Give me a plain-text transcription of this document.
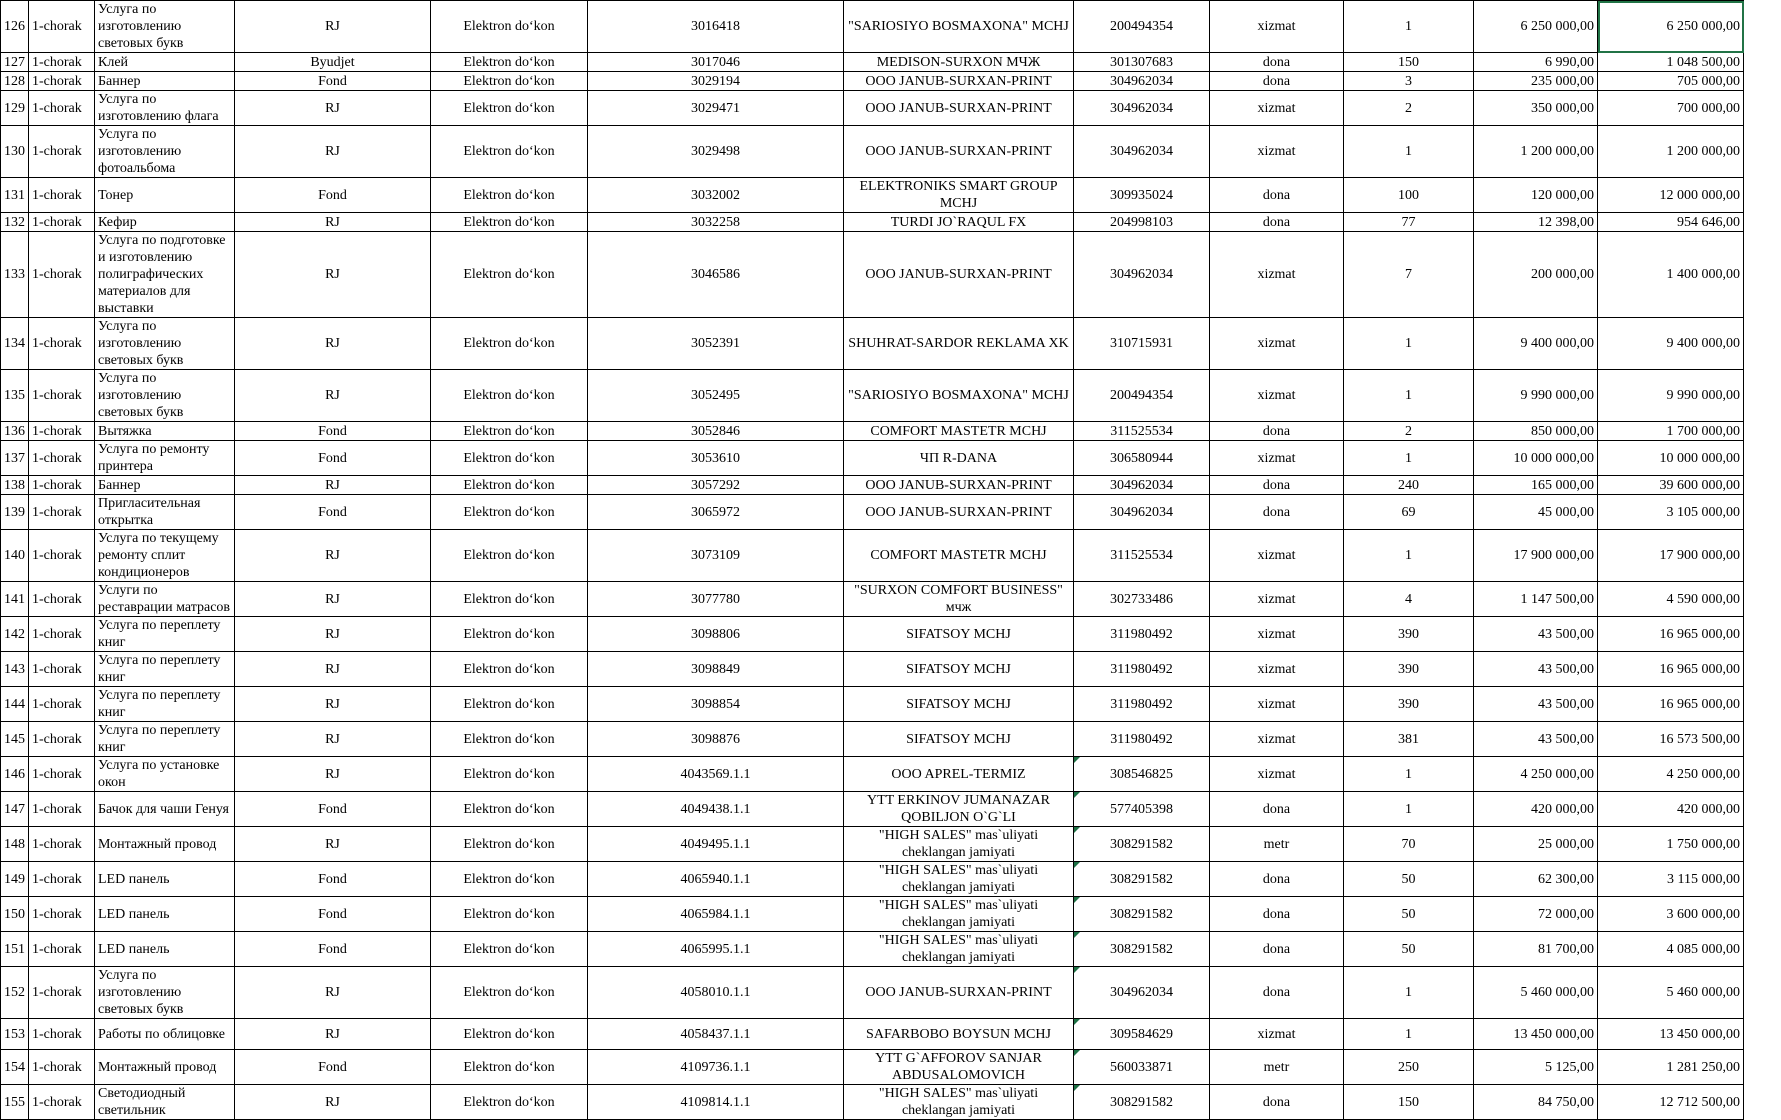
126	1-chorak	Услуга по изготовлению световых букв	RJ	Elektron do‘kon	3016418	"SARIOSIYO BOSMAXONA" MCHJ	200494354	xizmat	1	6 250 000,00	6 250 000,00
127	1-chorak	Клей	Byudjet	Elektron do‘kon	3017046	MEDISON-SURXON МЧЖ	301307683	dona	150	6 990,00	1 048 500,00
128	1-chorak	Баннер	Fond	Elektron do‘kon	3029194	ООО JANUB-SURXAN-PRINT	304962034	dona	3	235 000,00	705 000,00
129	1-chorak	Услуга по изготовлению флага	RJ	Elektron do‘kon	3029471	ООО JANUB-SURXAN-PRINT	304962034	xizmat	2	350 000,00	700 000,00
130	1-chorak	Услуга по изготовлению фотоальбома	RJ	Elektron do‘kon	3029498	ООО JANUB-SURXAN-PRINT	304962034	xizmat	1	1 200 000,00	1 200 000,00
131	1-chorak	Тонер	Fond	Elektron do‘kon	3032002	ELEKTRONIKS SMART GROUP MCHJ	309935024	dona	100	120 000,00	12 000 000,00
132	1-chorak	Кефир	RJ	Elektron do‘kon	3032258	TURDI JO`RAQUL FX	204998103	dona	77	12 398,00	954 646,00
133	1-chorak	Услуга по подготовке и изготовлению полиграфических материалов для выставки	RJ	Elektron do‘kon	3046586	ООО JANUB-SURXAN-PRINT	304962034	xizmat	7	200 000,00	1 400 000,00
134	1-chorak	Услуга по изготовлению световых букв	RJ	Elektron do‘kon	3052391	SHUHRAT-SARDOR REKLAMA XK	310715931	xizmat	1	9 400 000,00	9 400 000,00
135	1-chorak	Услуга по изготовлению световых букв	RJ	Elektron do‘kon	3052495	"SARIOSIYO BOSMAXONA" MCHJ	200494354	xizmat	1	9 990 000,00	9 990 000,00
136	1-chorak	Вытяжка	Fond	Elektron do‘kon	3052846	COMFORT MASTETR MCHJ	311525534	dona	2	850 000,00	1 700 000,00
137	1-chorak	Услуга по ремонту принтера	Fond	Elektron do‘kon	3053610	ЧП R-DANA	306580944	xizmat	1	10 000 000,00	10 000 000,00
138	1-chorak	Баннер	RJ	Elektron do‘kon	3057292	ООО JANUB-SURXAN-PRINT	304962034	dona	240	165 000,00	39 600 000,00
139	1-chorak	Пригласительная открытка	Fond	Elektron do‘kon	3065972	ООО JANUB-SURXAN-PRINT	304962034	dona	69	45 000,00	3 105 000,00
140	1-chorak	Услуга по текущему ремонту сплит кондиционеров	RJ	Elektron do‘kon	3073109	COMFORT MASTETR MCHJ	311525534	xizmat	1	17 900 000,00	17 900 000,00
141	1-chorak	Услуги по реставрации матрасов	RJ	Elektron do‘kon	3077780	"SURXON COMFORT BUSINESS" мчж	302733486	xizmat	4	1 147 500,00	4 590 000,00
142	1-chorak	Услуга по переплету книг	RJ	Elektron do‘kon	3098806	SIFATSOY MCHJ	311980492	xizmat	390	43 500,00	16 965 000,00
143	1-chorak	Услуга по переплету книг	RJ	Elektron do‘kon	3098849	SIFATSOY MCHJ	311980492	xizmat	390	43 500,00	16 965 000,00
144	1-chorak	Услуга по переплету книг	RJ	Elektron do‘kon	3098854	SIFATSOY MCHJ	311980492	xizmat	390	43 500,00	16 965 000,00
145	1-chorak	Услуга по переплету книг	RJ	Elektron do‘kon	3098876	SIFATSOY MCHJ	311980492	xizmat	381	43 500,00	16 573 500,00
146	1-chorak	Услуга по установке окон	RJ	Elektron do‘kon	4043569.1.1	OOO APREL-TERMIZ	308546825	xizmat	1	4 250 000,00	4 250 000,00
147	1-chorak	Бачок для чаши Генуя	Fond	Elektron do‘kon	4049438.1.1	YTT ERKINOV JUMANAZAR QOBILJON O`G`LI	577405398	dona	1	420 000,00	420 000,00
148	1-chorak	Монтажный провод	RJ	Elektron do‘kon	4049495.1.1	"HIGH SALES" mas`uliyati cheklangan jamiyati	308291582	metr	70	25 000,00	1 750 000,00
149	1-chorak	LED панель	Fond	Elektron do‘kon	4065940.1.1	"HIGH SALES" mas`uliyati cheklangan jamiyati	308291582	dona	50	62 300,00	3 115 000,00
150	1-chorak	LED панель	Fond	Elektron do‘kon	4065984.1.1	"HIGH SALES" mas`uliyati cheklangan jamiyati	308291582	dona	50	72 000,00	3 600 000,00
151	1-chorak	LED панель	Fond	Elektron do‘kon	4065995.1.1	"HIGH SALES" mas`uliyati cheklangan jamiyati	308291582	dona	50	81 700,00	4 085 000,00
152	1-chorak	Услуга по изготовлению световых букв	RJ	Elektron do‘kon	4058010.1.1	ООО JANUB-SURXAN-PRINT	304962034	dona	1	5 460 000,00	5 460 000,00
153	1-chorak	Работы по облицовке	RJ	Elektron do‘kon	4058437.1.1	SAFARBOBO BOYSUN MCHJ	309584629	xizmat	1	13 450 000,00	13 450 000,00
154	1-chorak	Монтажный провод	Fond	Elektron do‘kon	4109736.1.1	YTT G`AFFOROV SANJAR ABDUSALOMOVICH	560033871	metr	250	5 125,00	1 281 250,00
155	1-chorak	Светодиодный светильник	RJ	Elektron do‘kon	4109814.1.1	"HIGH SALES" mas`uliyati cheklangan jamiyati	308291582	dona	150	84 750,00	12 712 500,00
